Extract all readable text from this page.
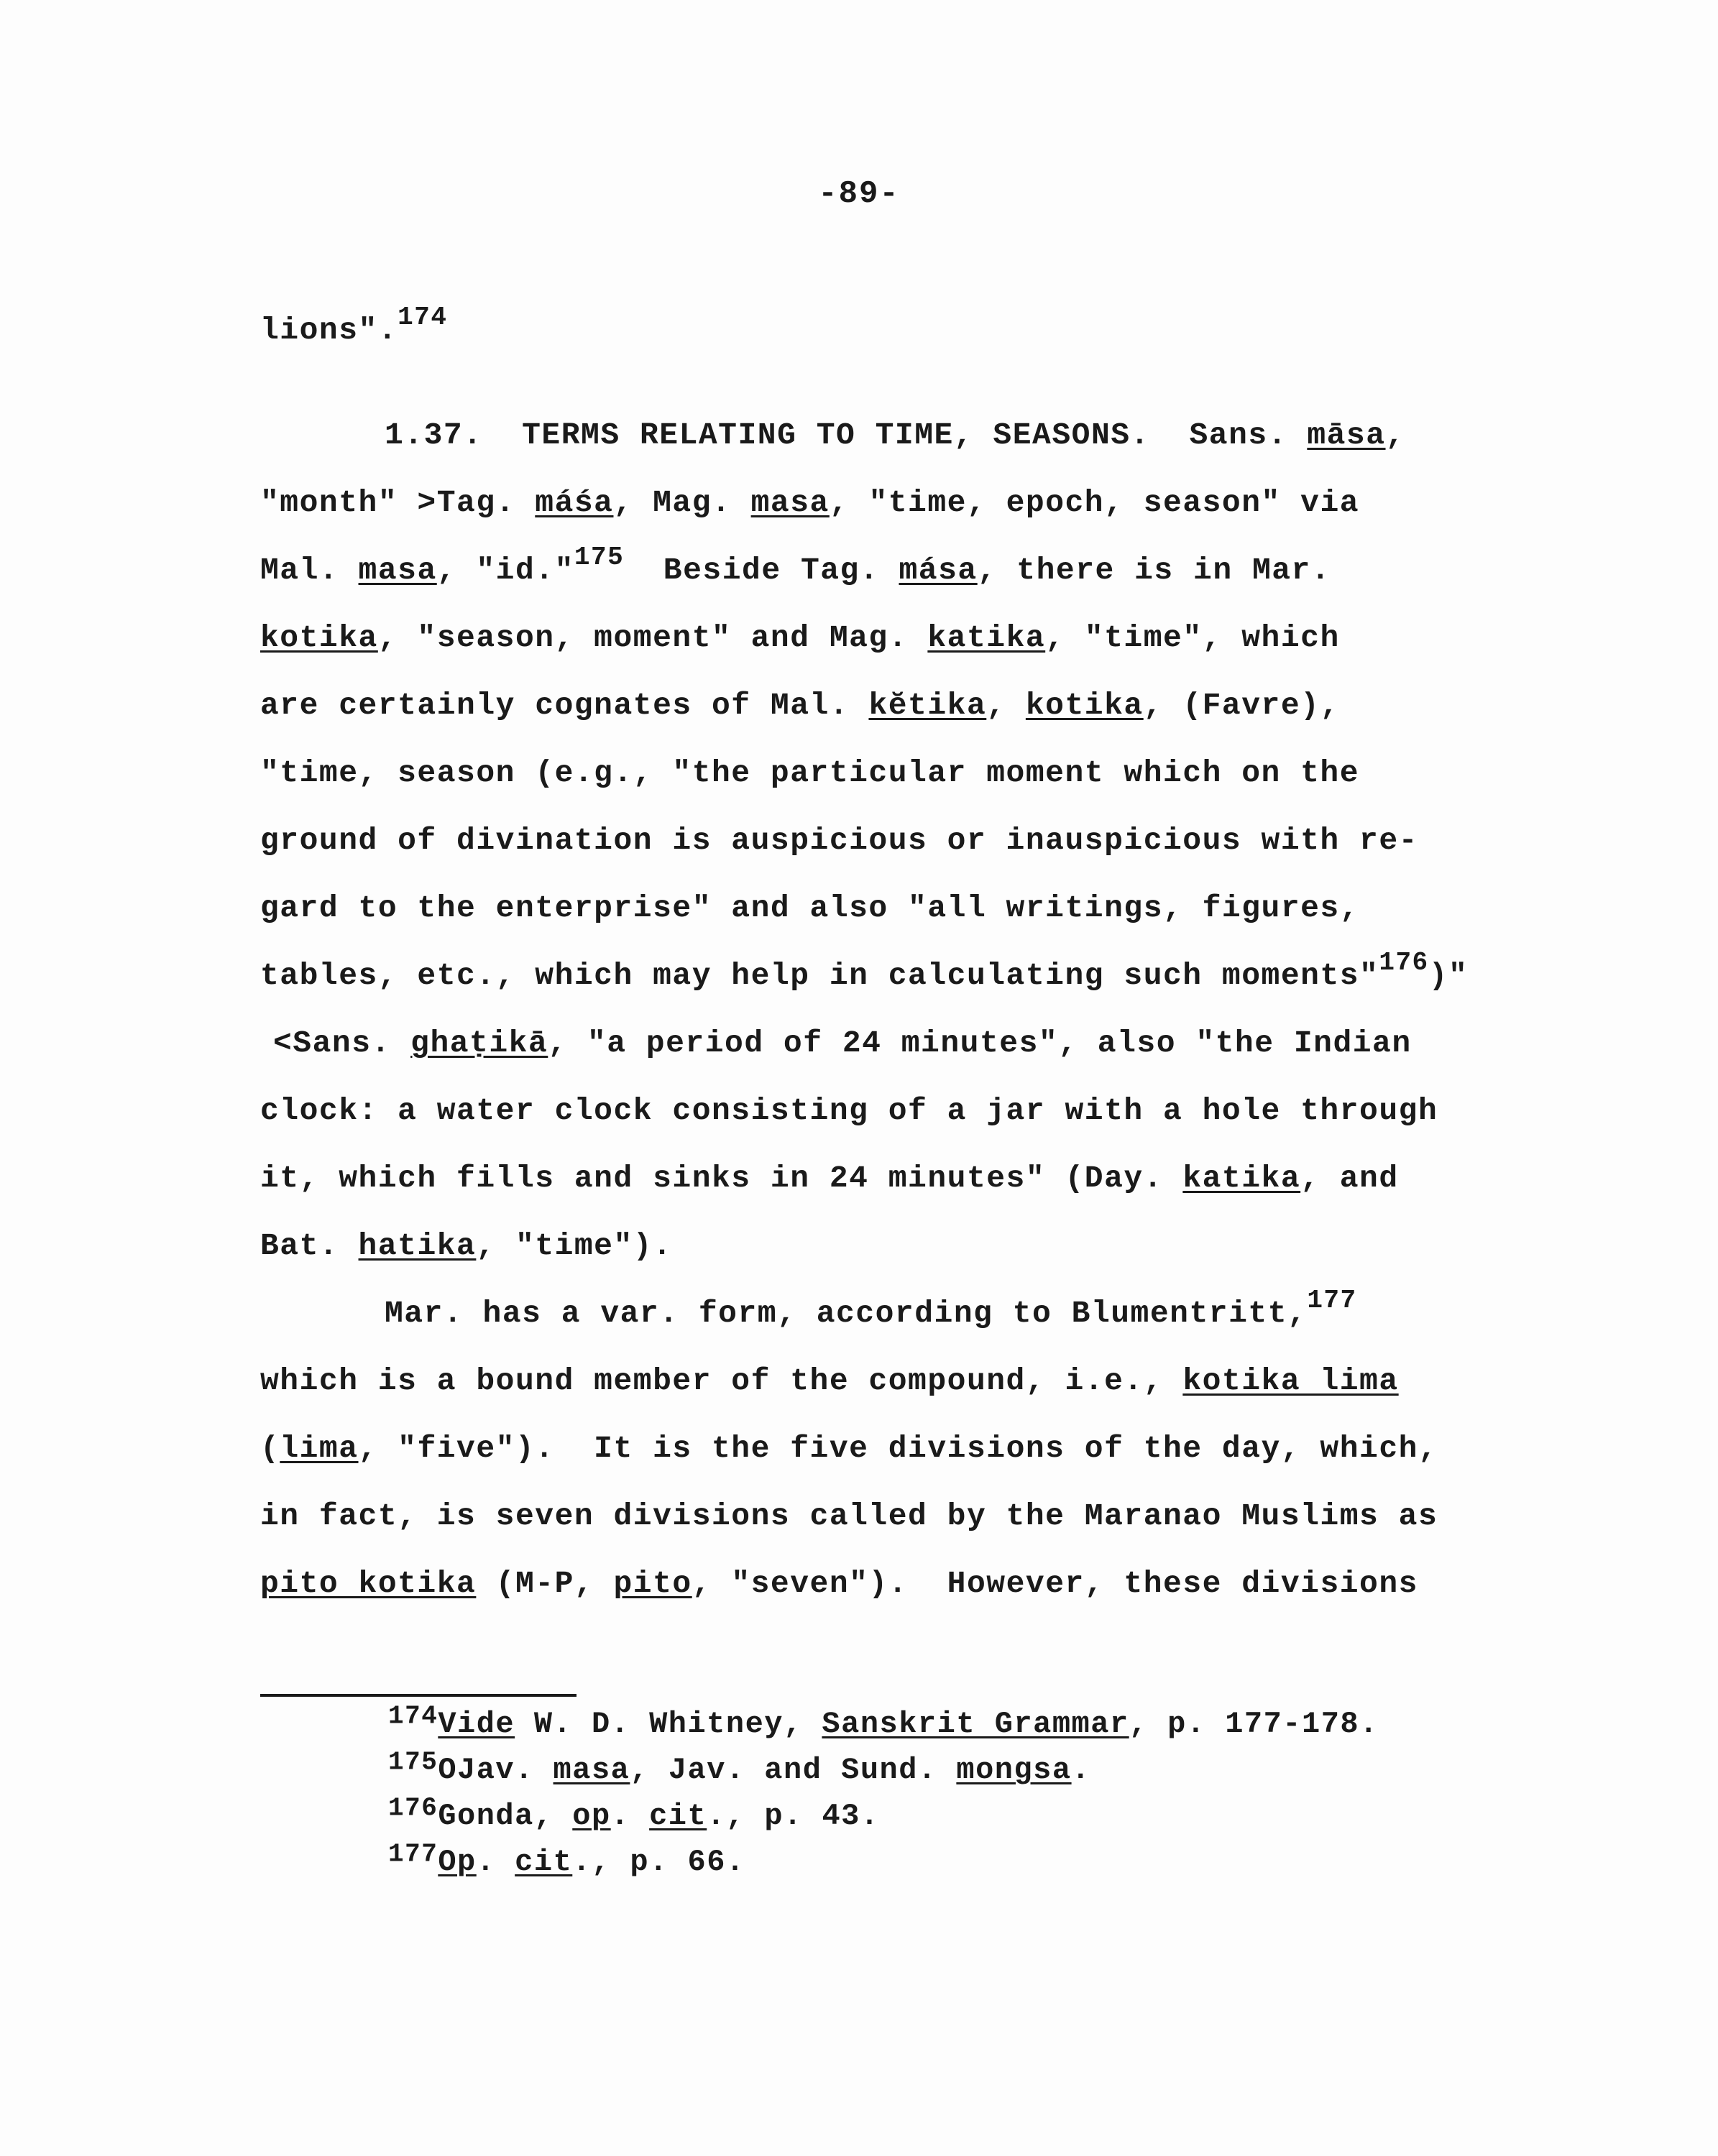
-89-
lions".$^{174}$
1.37.  TERMS RELATING TO TIME, SEASONS.  Sans. māsa,
"month" >Tag. máśa, Mag. masa, "time, epoch, season" via
Mal. masa, "id."$^{175}$  Beside Tag. mása, there is in Mar.
kotika, "season, moment" and Mag. katika, "time", which
are certainly cognates of Mal. kĕtika, kotika, (Favre),
"time, season (e.g., "the particular moment which on the
ground of divination is auspicious or inauspicious with re-
gard to the enterprise" and also "all writings, figures,
tables, etc., which may help in calculating such moments"$^{176}$)"
<Sans. ghaṭikā, "a period of 24 minutes", also "the Indian
clock: a water clock consisting of a jar with a hole through
it, which fills and sinks in 24 minutes" (Day. katika, and
Bat. hatika, "time").
Mar. has a var. form, according to Blumentritt,$^{177}$
which is a bound member of the compound, i.e., kotika lima
(lima, "five").  It is the five divisions of the day, which,
in fact, is seven divisions called by the Maranao Muslims as
pito kotika (M-P, pito, "seven").  However, these divisions
$^{174}$Vide W. D. Whitney, Sanskrit Grammar, p. 177-178.
$^{175}$OJav. masa, Jav. and Sund. mongsa.
$^{176}$Gonda, op. cit., p. 43.
$^{177}$Op. cit., p. 66.
